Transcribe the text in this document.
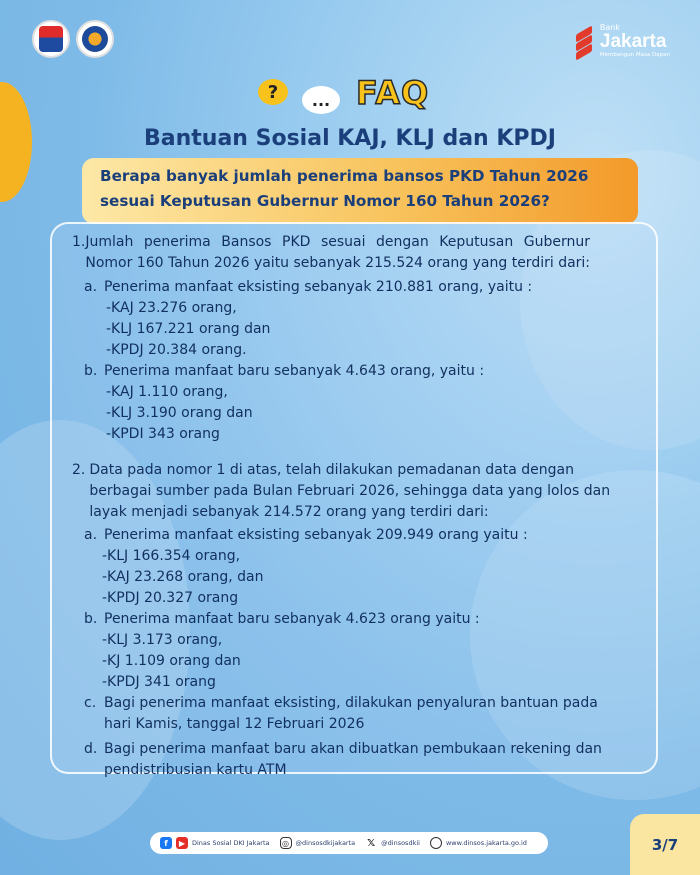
Bank
Jakarta
Membangun Masa Depan
?	... FAQ
Bantuan Sosial KAJ, KLJ dan KPDJ
Berapa banyak jumlah penerima bansos PKD Tahun 2026
sesuai Keputusan Gubernur Nomor 160 Tahun 2026?
1. Jumlah penerima Bansos PKD sesuai dengan Keputusan Gubernur
Nomor 160 Tahun 2026 yaitu sebanyak 215.524 orang yang terdiri dari:
a. Penerima manfaat eksisting sebanyak 210.881 orang, yaitu :
-KAJ 23.276 orang,
-KLJ 167.221 orang dan
-KPDJ 20.384 orang.
b. Penerima manfaat baru sebanyak 4.643 orang, yaitu :
-KAJ 1.110 orang,
-KLJ 3.190 orang dan
-KPDI 343 orang
2. Data pada nomor 1 di atas, telah dilakukan pemadanan data dengan
berbagai sumber pada Bulan Februari 2026, sehingga data yang lolos dan
layak menjadi sebanyak 214.572 orang yang terdiri dari:
a. Penerima manfaat eksisting sebanyak 209.949 orang yaitu :
-KLJ 166.354 orang,
-KAJ 23.268 orang, dan
-KPDJ 20.327 orang
b. Penerima manfaat baru sebanyak 4.623 orang yaitu :
-KLJ 3.173 orang,
-KJ 1.109 orang dan
-KPDJ 341 orang
c. Bagi penerima manfaat eksisting, dilakukan penyaluran bantuan pada
hari Kamis, tanggal 12 Februari 2026
d. Bagi penerima manfaat baru akan dibuatkan pembukaan rekening dan
pendistribusian kartu ATM
f	▶	Dinas Sosial DKI Jakarta	◎	@dinsosdkijakarta 𝕏 @dinsosdkii	www.dinsos.jakarta.go.id	3/7
